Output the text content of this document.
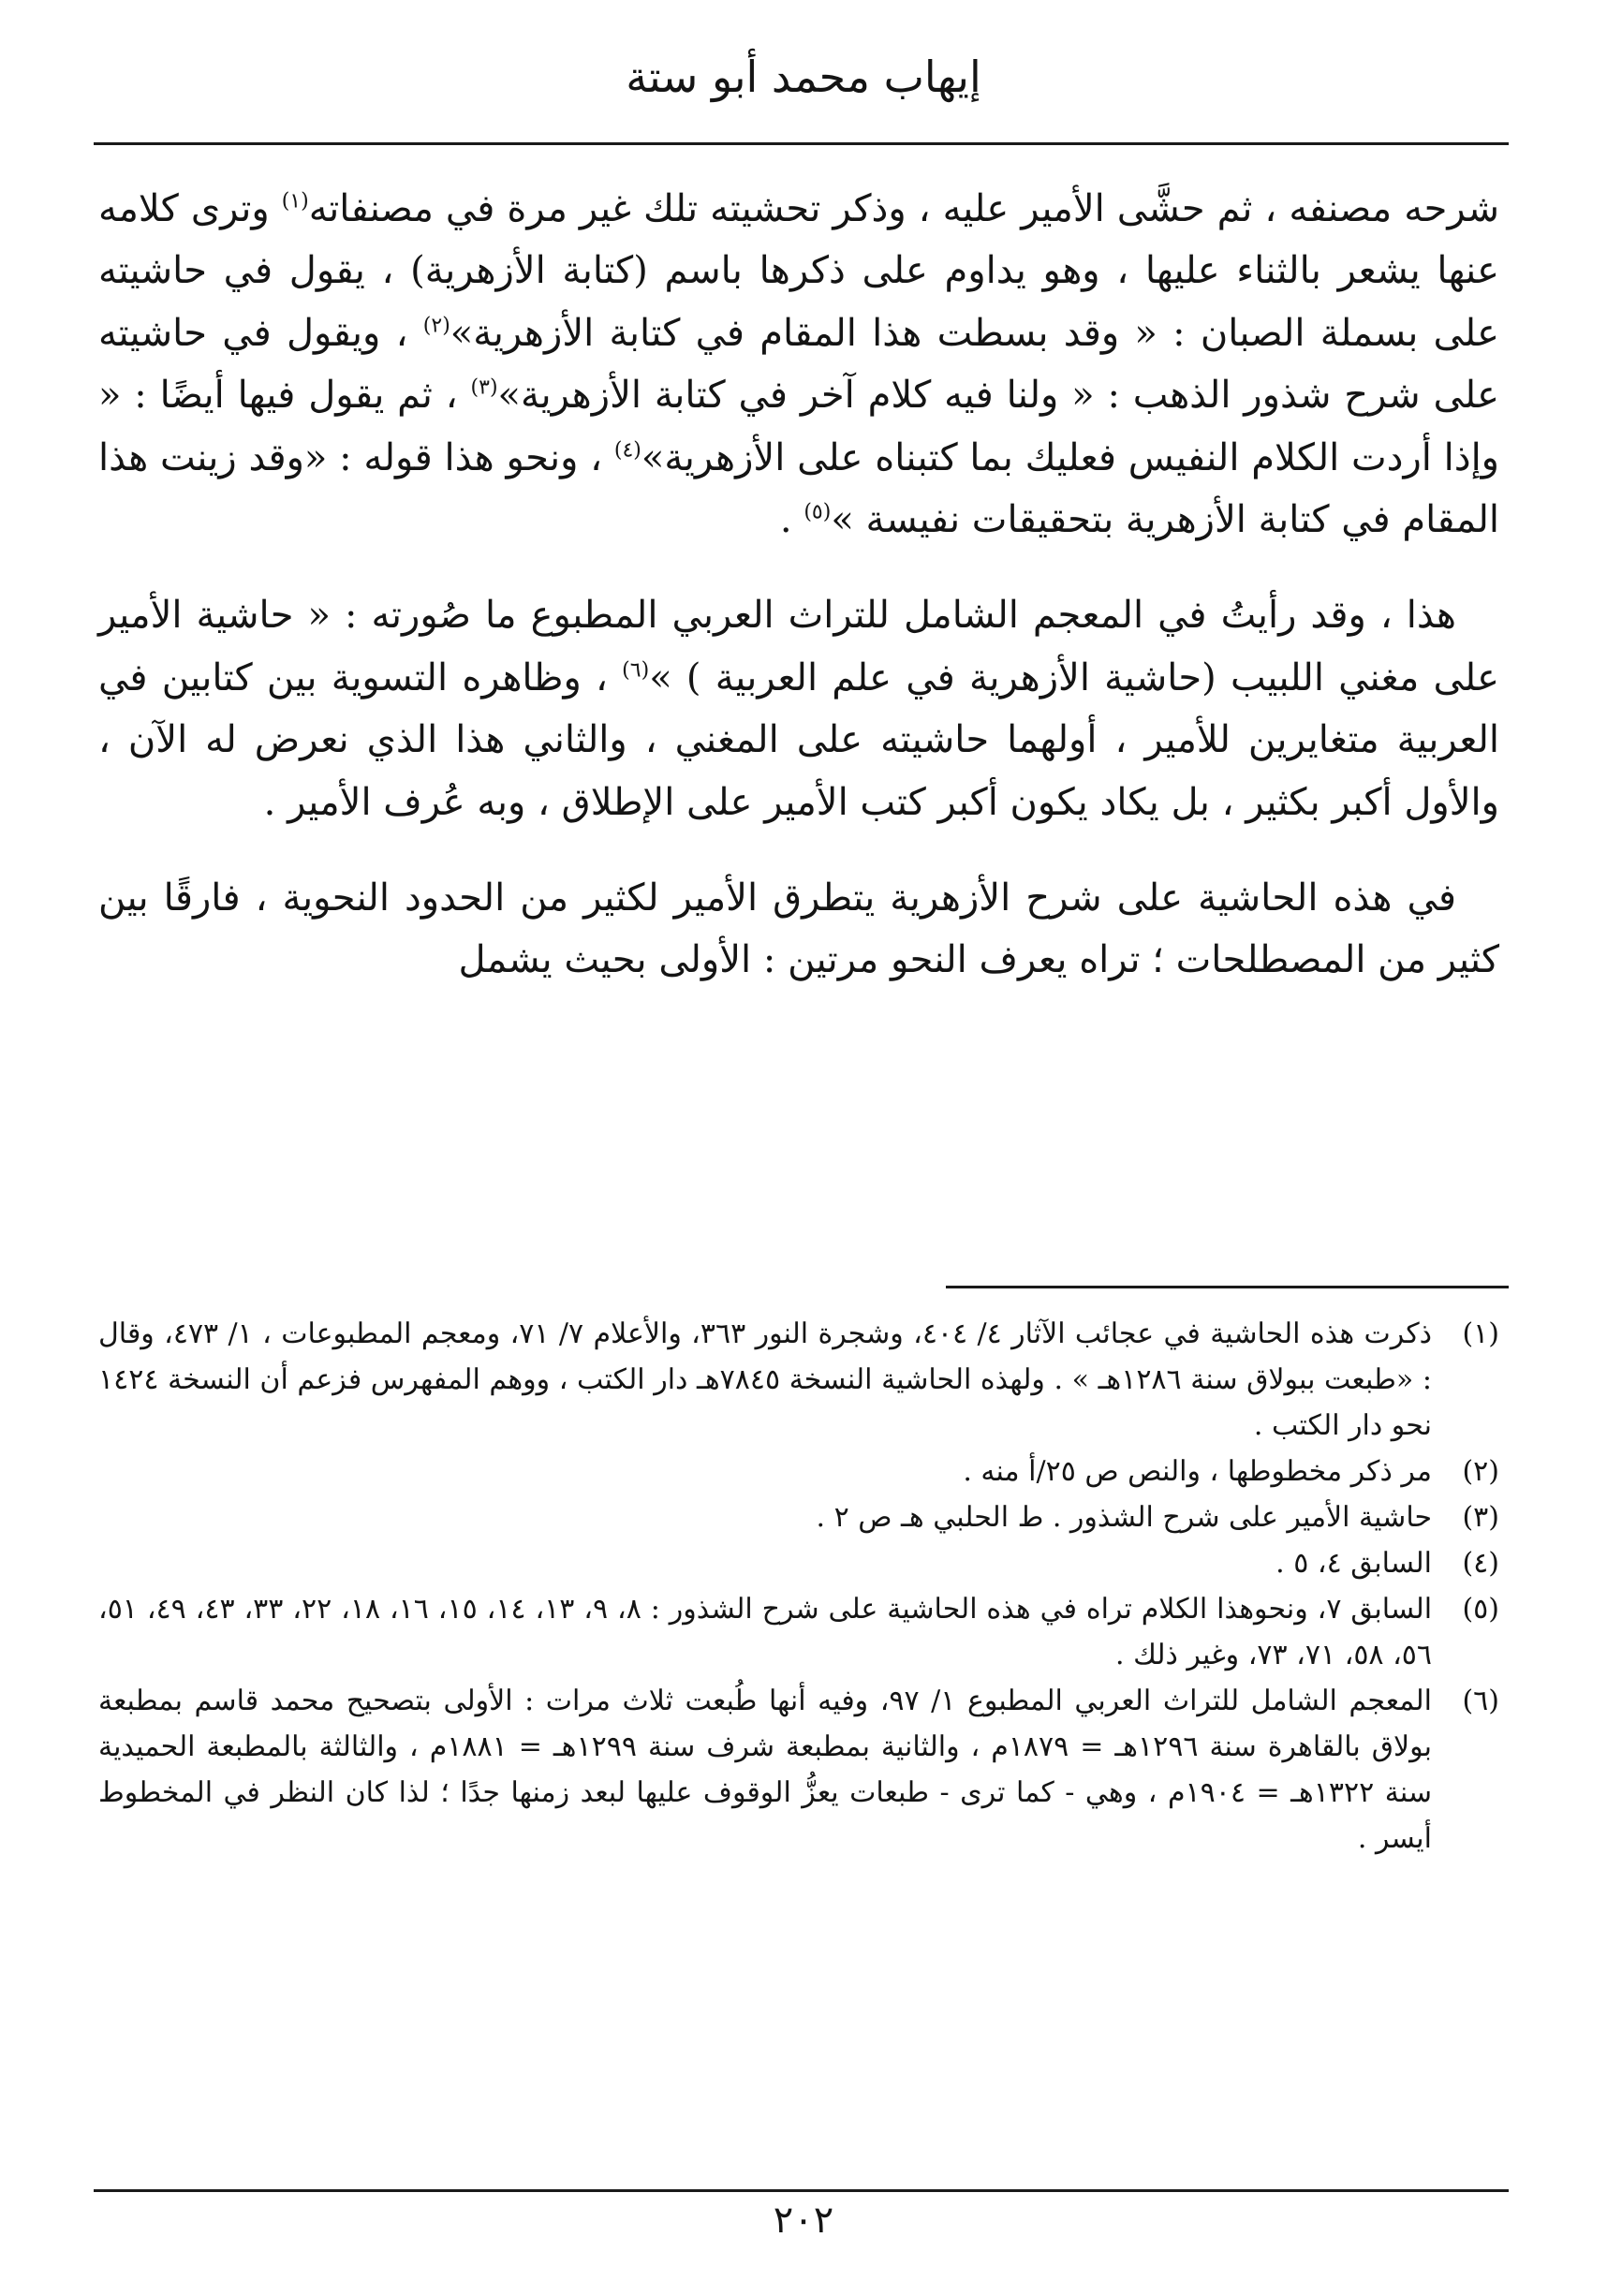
إيهاب محمد أبو ستة

شرحه مصنفه ، ثم حشَّى الأمير عليه ، وذكر تحشيته تلك غير مرة في مصنفاته$^{(١)}$ وترى كلامه عنها يشعر بالثناء عليها ، وهو يداوم على ذكرها باسم (كتابة الأزهرية) ، يقول في حاشيته على بسملة الصبان : « وقد بسطت هذا المقام في كتابة الأزهرية»$^{(٢)}$ ، ويقول في حاشيته على شرح شذور الذهب : « ولنا فيه كلام آخر في كتابة الأزهرية»$^{(٣)}$ ، ثم يقول فيها أيضًا : « وإذا أردت الكلام النفيس فعليك بما كتبناه على الأزهرية»$^{(٤)}$ ، ونحو هذا قوله : «وقد زينت هذا المقام في كتابة الأزهرية بتحقيقات نفيسة »$^{(٥)}$ .

هذا ، وقد رأيتُ في المعجم الشامل للتراث العربي المطبوع ما صُورته : « حاشية الأمير على مغني اللبيب (حاشية الأزهرية في علم العربية ) »$^{(٦)}$ ، وظاهره التسوية بين كتابين في العربية متغايرين للأمير ، أولهما حاشيته على المغني ، والثاني هذا الذي نعرض له الآن ، والأول أكبر بكثير ، بل يكاد يكون أكبر كتب الأمير على الإطلاق ، وبه عُرف الأمير .

في هذه الحاشية على شرح الأزهرية يتطرق الأمير لكثير من الحدود النحوية ، فارقًا بين كثير من المصطلحات ؛ تراه يعرف النحو مرتين : الأولى بحيث يشمل

(١)
ذكرت هذه الحاشية في عجائب الآثار ٤/ ٤٠٤، وشجرة النور ٣٦٣، والأعلام ٧/ ٧١، ومعجم المطبوعات ، ١/ ٤٧٣، وقال : «طبعت ببولاق سنة ١٢٨٦هـ » . ولهذه الحاشية النسخة ٧٨٤٥هـ دار الكتب ، ووهم المفهرس فزعم أن النسخة ١٤٢٤ نحو دار الكتب .
(٢)
مر ذكر مخطوطها ، والنص ص ٢٥/أ منه .
(٣)
حاشية الأمير على شرح الشذور . ط الحلبي هـ ص ٢ .
(٤)
السابق ٤، ٥ .
(٥)
السابق ٧، ونحوهذا الكلام تراه في هذه الحاشية على شرح الشذور : ٨، ٩، ١٣، ١٤، ١٥، ١٦، ١٨، ٢٢، ٣٣، ٤٣، ٤٩، ٥١، ٥٦، ٥٨، ٧١، ٧٣، وغير ذلك .
(٦)
المعجم الشامل للتراث العربي المطبوع ١/ ٩٧، وفيه أنها طُبعت ثلاث مرات : الأولى بتصحيح محمد قاسم بمطبعة بولاق بالقاهرة سنة ١٢٩٦هـ = ١٨٧٩م ، والثانية بمطبعة شرف سنة ١٢٩٩هـ = ١٨٨١م ، والثالثة بالمطبعة الحميدية سنة ١٣٢٢هـ = ١٩٠٤م ، وهي - كما ترى - طبعات يعزُّ الوقوف عليها لبعد زمنها جدًا ؛ لذا كان النظر في المخطوط أيسر .
٢٠٢
